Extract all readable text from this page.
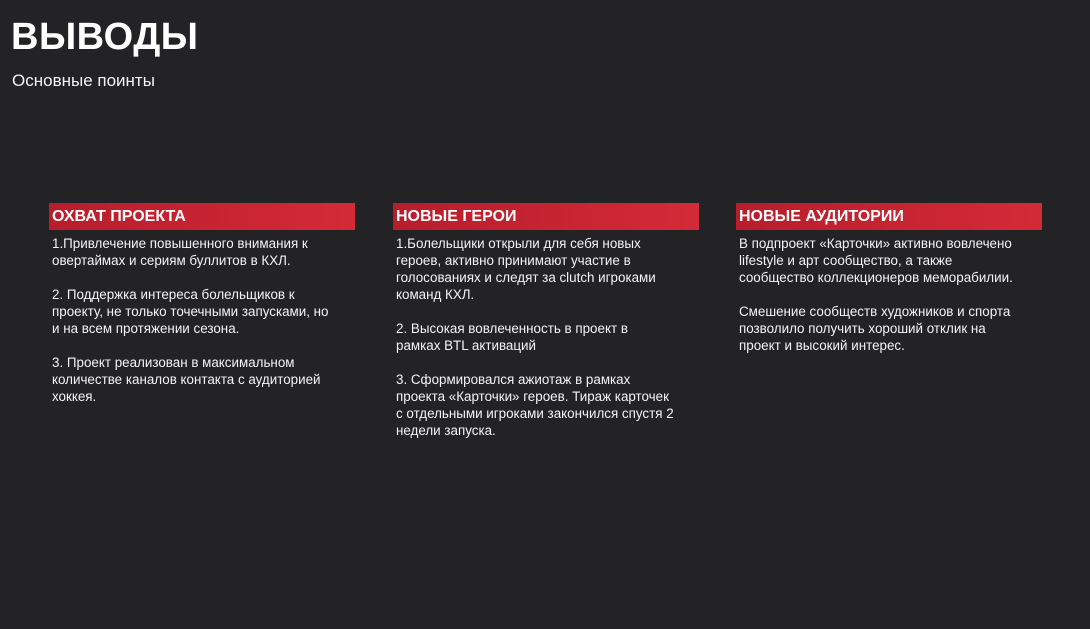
ВЫВОДЫ
Основные поинты
ОХВАТ ПРОЕКТА

1.Привлечение повышенного внимания к
овертаймах и сериям буллитов в КХЛ.

2. Поддержка интереса болельщиков к
проекту, не только точечными запусками, но
и на всем протяжении сезона.

3. Проект реализован в максимальном
количестве каналов контакта с аудиторией
хоккея.

НОВЫЕ ГЕРОИ

1.Болельщики открыли для себя новых
героев, активно принимают участие в
голосованиях и следят за clutch игроками
команд КХЛ.

2. Высокая вовлеченность в проект в
рамках BTL активаций

3. Сформировался ажиотаж в рамках
проекта «Карточки» героев. Тираж карточек
с отдельными игроками закончился спустя 2
недели запуска.

НОВЫЕ АУДИТОРИИ

В подпроект «Карточки» активно вовлечено
lifestyle и арт сообщество, а также
сообщество коллекционеров меморабилии.

Смешение сообществ художников и спорта
позволило получить хороший отклик на
проект и высокий интерес.
